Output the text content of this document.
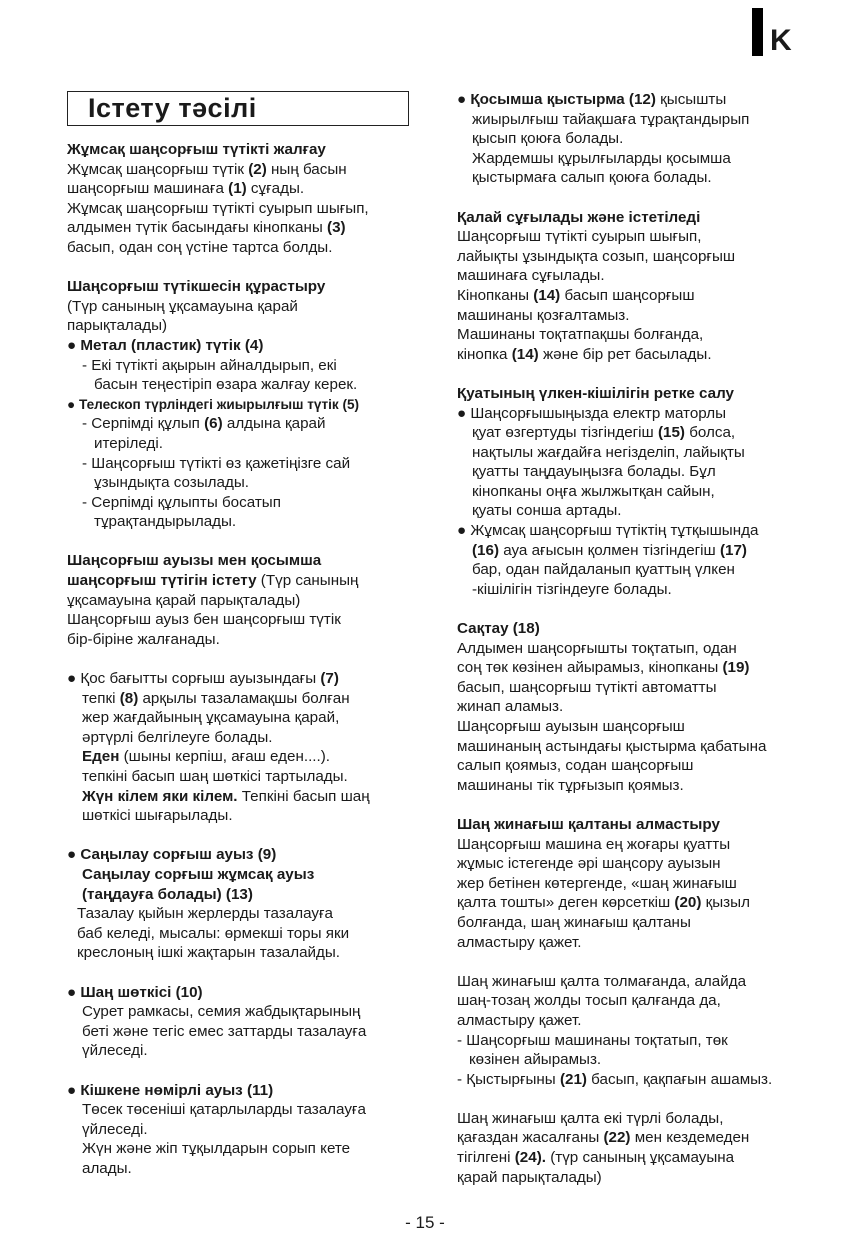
K
Істету тәсілі
Жұмсақ шаңсорғыш түтікті жалғау
Жұмсақ шаңсорғыш түтік (2) ның басын
шаңсорғыш машинаға (1) сұғады.
Жұмсақ шаңсорғыш түтікті суырып шығып,
алдымен түтік басындағы кінопканы (3)
басып, одан соң үстіне тартса болды.
Шаңсорғыш түтікшесін құрастыру
(Түр санының ұқсамауына қарай
парықталады)
● Метал (пластик) түтік (4)
- Екі түтікті ақырын айналдырып, екі
басын теңестіріп өзара жалғау керек.
● Телескоп түрліндегі жиырылғыш түтік (5)
- Серпімді құлып (6) алдына қарай
итеріледі.
- Шаңсорғыш түтікті өз қажетіңізге сай
ұзындықта созылады.
- Серпімді құлыпты босатып
тұрақтандырылады.
Шаңсорғыш ауызы мен қосымша
шаңсорғыш түтігін істету (Түр санының
ұқсамауына қарай парықталады)
Шаңсорғыш ауыз бен шаңсорғыш түтік
бір-біріне жалғанады.
● Қос бағытты сорғыш ауызындағы (7)
тепкі (8) арқылы тазаламақшы болған
жер жағдайының ұқсамауына қарай,
әртүрлі белгілеуге болады.
Еден (шыны керпіш, ағаш еден....).
тепкіні басып шаң шөткісі тартылады.
Жүн кілем яки кілем. Тепкіні басып шаң
шөткісі шығарылады.
● Саңылау сорғыш ауыз (9)
Саңылау сорғыш жұмсақ ауыз
(таңдауға болады) (13)
Тазалау қыйын жерлерды тазалауға
баб келеді, мысалы: өрмекші торы яки
креслоның ішкі жақтарын тазалайды.
● Шаң шөткісі (10)
Сурет рамкасы, семия жабдықтарының
беті және тегіс емес заттарды тазалауға
үйлеседі.
● Кішкене нөмірлі ауыз (11)
Төсек төсеніші қатарлыларды тазалауға
үйлеседі.
Жүн және жіп тұқылдарын сорып кете
алады.
● Қосымша қыстырма (12) қысышты
жиырылғыш тайақшаға тұрақтандырып
қысып қоюға болады.
Жардемшы құрылғыларды қосымша
қыстырмаға салып қоюға болады.
Қалай сұғылады және істетіледі
Шаңсорғыш түтікті суырып шығып,
лайықты ұзындықта созып, шаңсорғыш
машинаға сұғылады.
Кінопканы (14) басып шаңсорғыш
машинаны қозғалтамыз.
Машинаны тоқтатпақшы болғанда,
кінопка (14) және бір рет басылады.
Қуатының үлкен-кішілігін ретке салу
● Шаңсорғышыңызда електр маторлы
қуат өзгертуды тізгіндегіш (15) болса,
нақтылы жағдайға негізделіп, лайықты
қуатты таңдауыңызға болады. Бұл
кінопканы оңға жылжытқан сайын,
қуаты сонша артады.
● Жұмсақ шаңсорғыш түтіктің тұтқышында
(16) ауа ағысын қолмен тізгіндегіш (17)
бар, одан пайдаланып қуаттың үлкен
-кішілігін тізгіндеуге болады.
Сақтау (18)
Алдымен шаңсорғышты тоқтатып, одан
соң төк көзінен айырамыз, кінопканы (19)
басып, шаңсорғыш түтікті автоматты
жинап аламыз.
Шаңсорғыш ауызын шаңсорғыш
машинаның астындағы қыстырма қабатына
салып қоямыз, содан шаңсорғыш
машинаны тік тұрғызып қоямыз.
Шаң жинағыш қалтаны алмастыру
Шаңсорғыш машина ең жоғары қуатты
жұмыс істегенде әрі шаңсору ауызын
жер бетінен көтергенде, «шаң жинағыш
қалта тошты» деген көрсеткіш (20) қызыл
болғанда, шаң жинағыш қалтаны
алмастыру қажет.
Шаң жинағыш қалта толмағанда, алайда
шаң-тозаң жолды тосып қалғанда да,
алмастыру қажет.
- Шаңсорғыш машинаны тоқтатып, төк
көзінен айырамыз.
- Қыстырғыны (21) басып, қақпағын ашамыз.
Шаң жинағыш қалта екі түрлі болады,
қағаздан жасалғаны (22) мен кездемеден
тігілгені (24). (түр санының ұқсамауына
қарай парықталады)
- 15 -
